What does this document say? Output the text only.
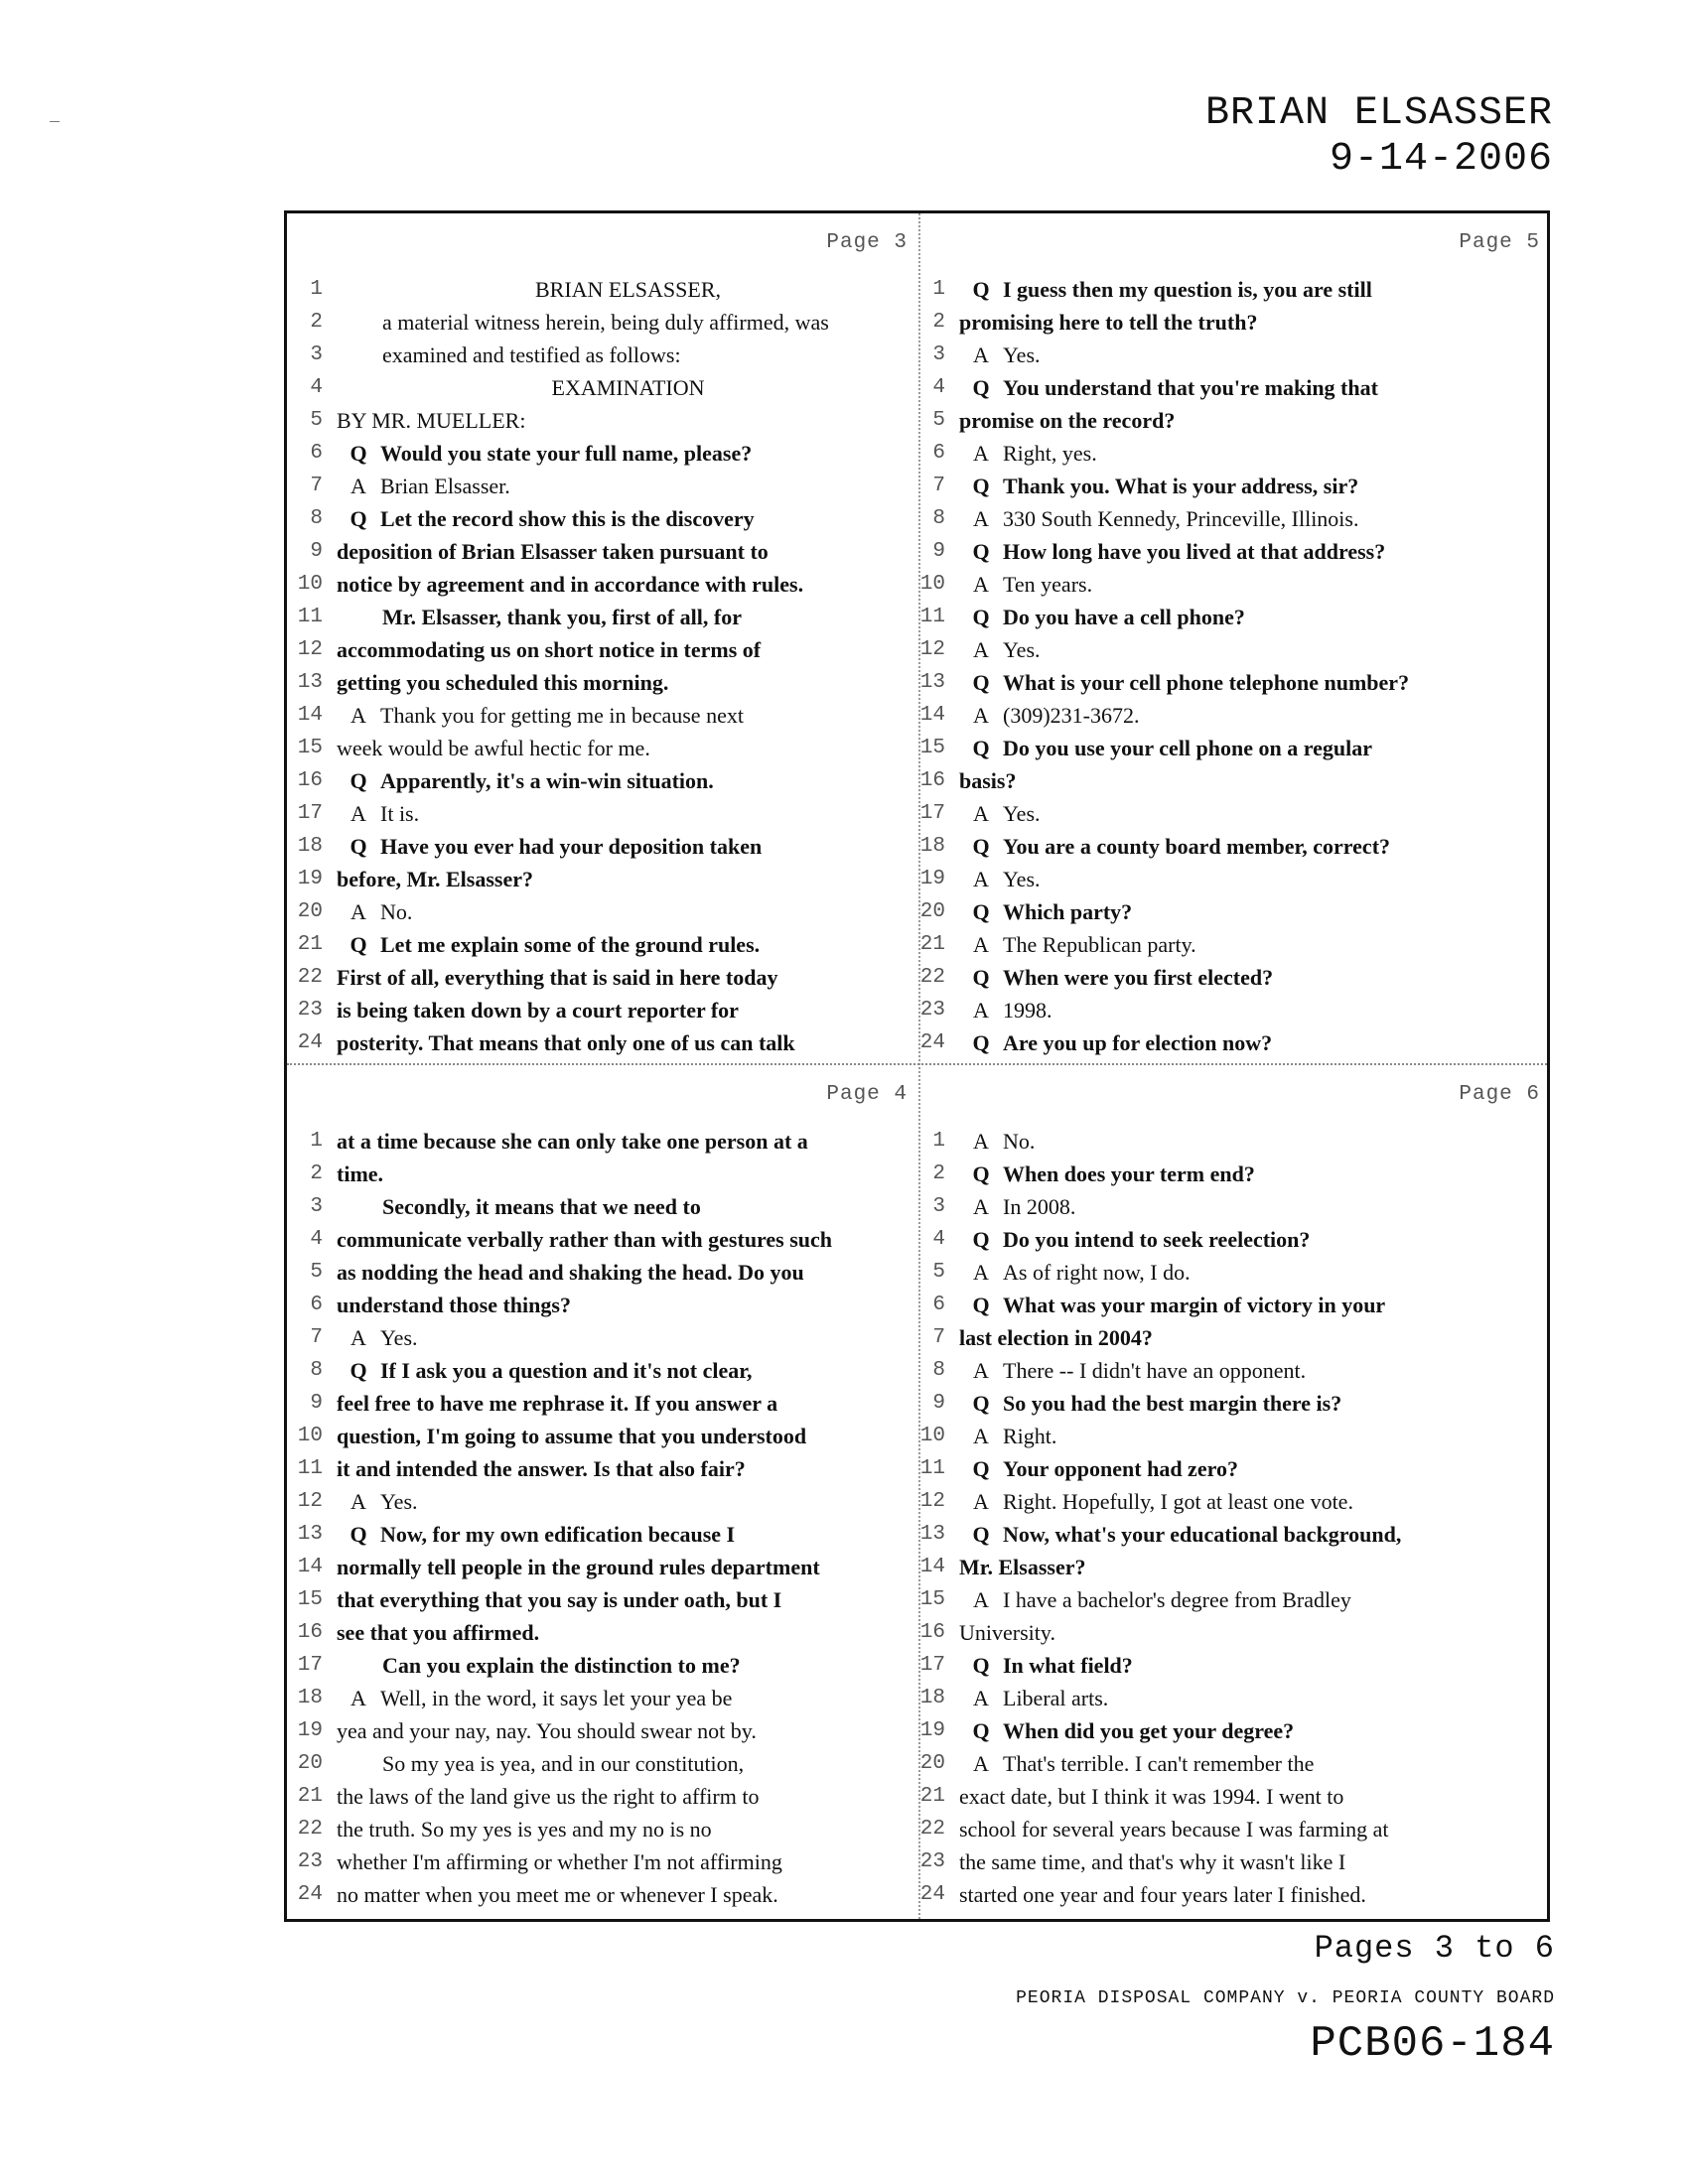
BRIAN ELSASSER
9-14-2006
Page 3
1	BRIAN ELSASSER,
2	a material witness herein, being duly affirmed, was
3	examined and testified as follows:
4	EXAMINATION
5 BY MR. MUELLER:
6	Q Would you state your full name, please?
7	A Brian Elsasser.
8	Q Let the record show this is the discovery
9 deposition of Brian Elsasser taken pursuant to
10 notice by agreement and in accordance with rules.
11	Mr. Elsasser, thank you, first of all, for
12 accommodating us on short notice in terms of
13 getting you scheduled this morning.
14	A Thank you for getting me in because next
15 week would be awful hectic for me.
16	Q Apparently, it's a win-win situation.
17	A It is.
18	Q Have you ever had your deposition taken
19 before, Mr. Elsasser?
20	A No.
21	Q Let me explain some of the ground rules.
22 First of all, everything that is said in here today
23 is being taken down by a court reporter for
24 posterity. That means that only one of us can talk
Page 5
1	Q I guess then my question is, you are still
2 promising here to tell the truth?
3	A Yes.
4	Q You understand that you're making that
5 promise on the record?
6	A Right, yes.
7	Q Thank you. What is your address, sir?
8	A 330 South Kennedy, Princeville, Illinois.
9	Q How long have you lived at that address?
10	A Ten years.
11	Q Do you have a cell phone?
12	A Yes.
13	Q What is your cell phone telephone number?
14	A (309)231-3672.
15	Q Do you use your cell phone on a regular
16 basis?
17	A Yes.
18	Q You are a county board member, correct?
19	A Yes.
20	Q Which party?
21	A The Republican party.
22	Q When were you first elected?
23	A 1998.
24	Q Are you up for election now?
Page 4
1 at a time because she can only take one person at a
2 time.
3	Secondly, it means that we need to
4 communicate verbally rather than with gestures such
5 as nodding the head and shaking the head. Do you
6 understand those things?
7	A Yes.
8	Q If I ask you a question and it's not clear,
9 feel free to have me rephrase it. If you answer a
10 question, I'm going to assume that you understood
11 it and intended the answer. Is that also fair?
12	A Yes.
13	Q Now, for my own edification because I
14 normally tell people in the ground rules department
15 that everything that you say is under oath, but I
16 see that you affirmed.
17	Can you explain the distinction to me?
18	A Well, in the word, it says let your yea be
19 yea and your nay, nay. You should swear not by.
20	So my yea is yea, and in our constitution,
21 the laws of the land give us the right to affirm to
22 the truth. So my yes is yes and my no is no
23 whether I'm affirming or whether I'm not affirming
24 no matter when you meet me or whenever I speak.
Page 6
1	A No.
2	Q When does your term end?
3	A In 2008.
4	Q Do you intend to seek reelection?
5	A As of right now, I do.
6	Q What was your margin of victory in your
7 last election in 2004?
8	A There -- I didn't have an opponent.
9	Q So you had the best margin there is?
10	A Right.
11	Q Your opponent had zero?
12	A Right. Hopefully, I got at least one vote.
13	Q Now, what's your educational background,
14 Mr. Elsasser?
15	A I have a bachelor's degree from Bradley
16 University.
17	Q In what field?
18	A Liberal arts.
19	Q When did you get your degree?
20	A That's terrible. I can't remember the
21 exact date, but I think it was 1994. I went to
22 school for several years because I was farming at
23 the same time, and that's why it wasn't like I
24 started one year and four years later I finished.
Pages 3 to 6
PEORIA DISPOSAL COMPANY v. PEORIA COUNTY BOARD
PCB06-184
